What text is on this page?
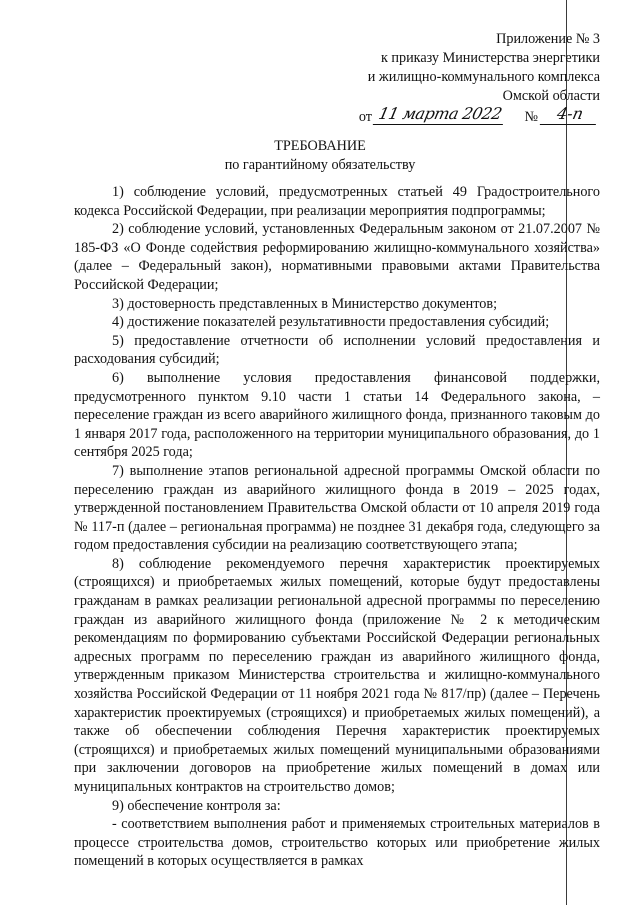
Приложение № 3
к приказу Министерства энергетики
и жилищно-коммунального комплекса
Омской области
от 11 марта 2022 №	4-п
ТРЕБОВАНИЕ
по гарантийному обязательству

1) соблюдение условий, предусмотренных статьей 49 Градостроительного кодекса Российской Федерации, при реализации мероприятия подпрограммы;

2) соблюдение условий, установленных Федеральным законом от 21.07.2007 № 185-ФЗ «О Фонде содействия реформированию жилищно-коммунального хозяйства» (далее – Федеральный закон), нормативными правовыми актами Правительства Российской Федерации;

3) достоверность представленных в Министерство документов;

4) достижение показателей результативности предоставления субсидий;

5) предоставление отчетности об исполнении условий предоставления и расходования субсидий;

6) выполнение условия предоставления финансовой поддержки, предусмотренного пунктом 9.10 части 1 статьи 14 Федерального закона, – переселение граждан из всего аварийного жилищного фонда, признанного таковым до 1 января 2017 года, расположенного на территории муниципального образования, до 1 сентября 2025 года;

7) выполнение этапов региональной адресной программы Омской области по переселению граждан из аварийного жилищного фонда в 2019 – 2025 годах, утвержденной постановлением Правительства Омской области от 10 апреля 2019 года № 117-п (далее – региональная программа) не позднее 31 декабря года, следующего за годом предоставления субсидии на реализацию соответствующего этапа;

8) соблюдение рекомендуемого перечня характеристик проектируемых (строящихся) и приобретаемых жилых помещений, которые будут предоставлены гражданам в рамках реализации региональной адресной программы по переселению граждан из аварийного жилищного фонда (приложение № 2 к методическим рекомендациям по формированию субъектами Российской Федерации региональных адресных программ по переселению граждан из аварийного жилищного фонда, утвержденным приказом Министерства строительства и жилищно-коммунального хозяйства Российской Федерации от 11 ноября 2021 года № 817/пр) (далее – Перечень характеристик проектируемых (строящихся) и приобретаемых жилых помещений), а также об обеспечении соблюдения Перечня характеристик проектируемых (строящихся) и приобретаемых жилых помещений муниципальными образованиями при заключении договоров на приобретение жилых помещений в домах или муниципальных контрактов на строительство домов;

9) обеспечение контроля за:

- соответствием выполнения работ и применяемых строительных материалов в процессе строительства домов, строительство которых или приобретение жилых помещений в которых осуществляется в рамках
